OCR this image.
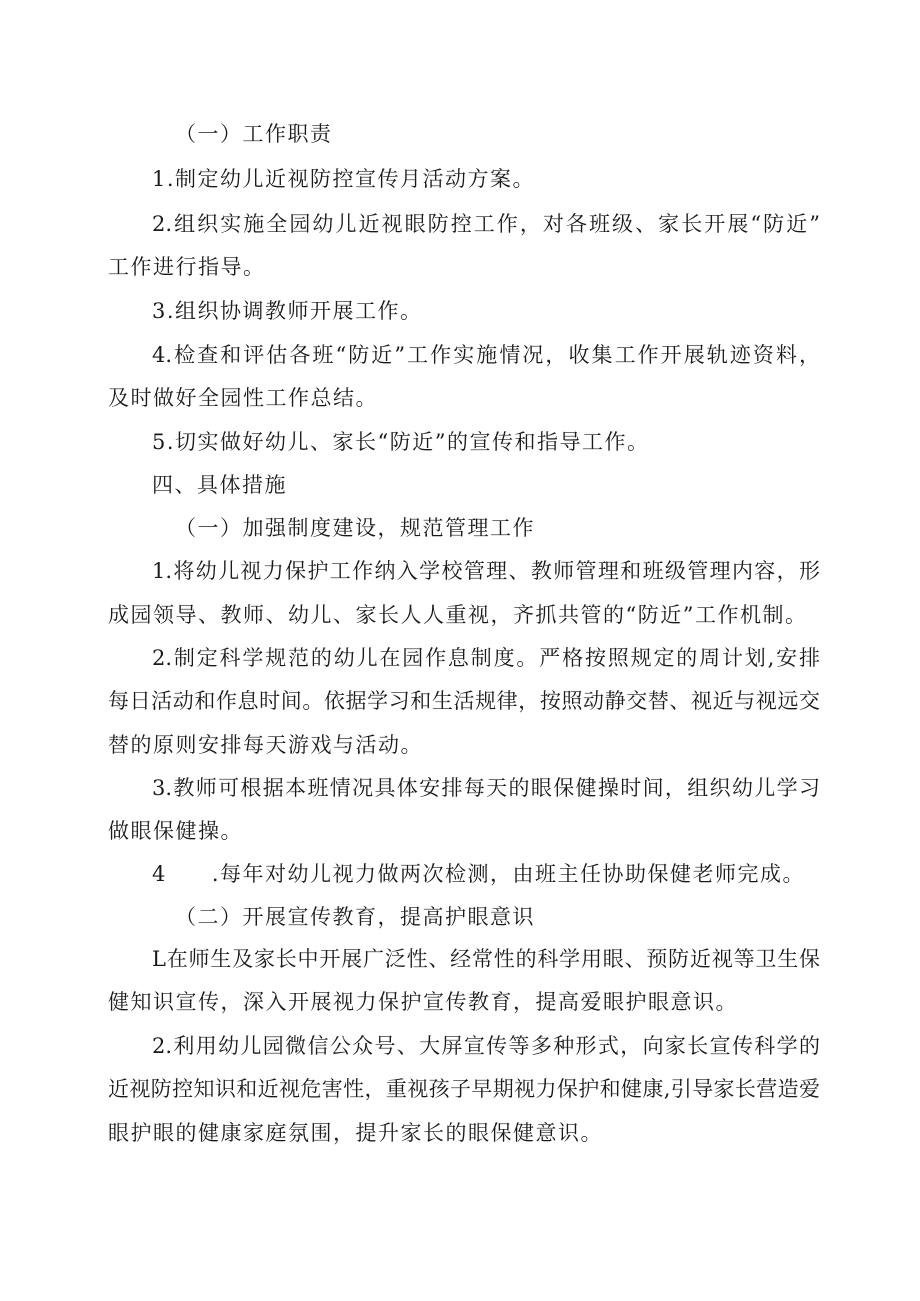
（一）工作职责
1.制定幼儿近视防控宣传月活动方案。
2.组织实施全园幼儿近视眼防控工作，对各班级、家长开展“防近”
工作进行指导。
3.组织协调教师开展工作。
4.检查和评估各班“防近”工作实施情况，收集工作开展轨迹资料，
及时做好全园性工作总结。
5.切实做好幼儿、家长“防近”的宣传和指导工作。
四、具体措施
（一）加强制度建设，规范管理工作
1.将幼儿视力保护工作纳入学校管理、教师管理和班级管理内容，形
成园领导、教师、幼儿、家长人人重视，齐抓共管的“防近”工作机制。
2.制定科学规范的幼儿在园作息制度。严格按照规定的周计划,安排
每日活动和作息时间。依据学习和生活规律，按照动静交替、视近与视远交
替的原则安排每天游戏与活动。
3.教师可根据本班情况具体安排每天的眼保健操时间，组织幼儿学习
做眼保健操。
4　　.每年对幼儿视力做两次检测，由班主任协助保健老师完成。
（二）开展宣传教育，提高护眼意识
L在师生及家长中开展广泛性、经常性的科学用眼、预防近视等卫生保
健知识宣传，深入开展视力保护宣传教育，提高爱眼护眼意识。
2.利用幼儿园微信公众号、大屏宣传等多种形式，向家长宣传科学的
近视防控知识和近视危害性，重视孩子早期视力保护和健康,引导家长营造爱
眼护眼的健康家庭氛围，提升家长的眼保健意识。
